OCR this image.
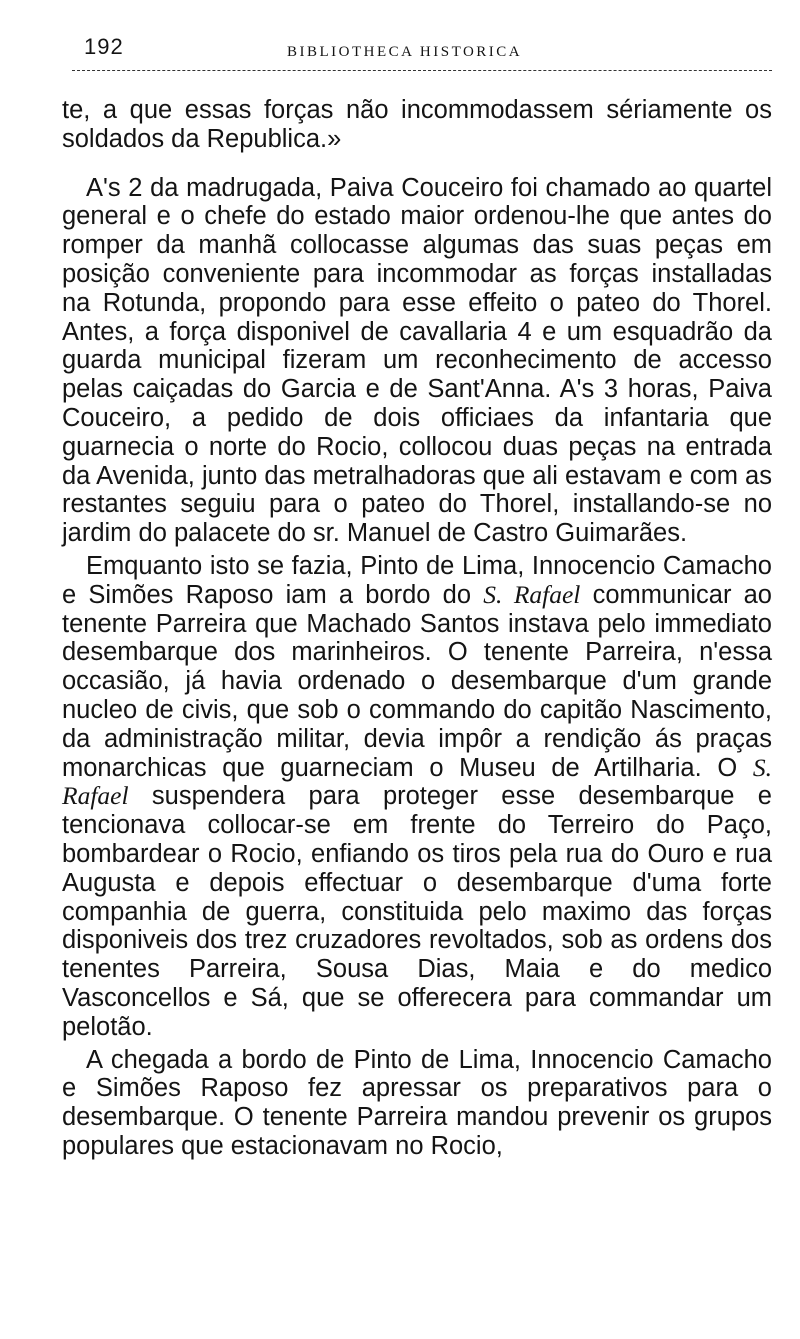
192	BIBLIOTHECA HISTORICA

te, a que essas forças não incommodassem sériamente os soldados da Republica.»

A's 2 da madrugada, Paiva Couceiro foi chamado ao quartel general e o chefe do estado maior ordenou-lhe que antes do romper da manhã collocasse algumas das suas peças em posição conveniente para incommodar as forças installadas na Rotunda, propondo para esse effeito o pateo do Thorel. Antes, a força disponivel de cavallaria 4 e um esquadrão da guarda municipal fizeram um reconhecimento de accesso pelas caiçadas do Garcia e de Sant'Anna. A's 3 horas, Paiva Couceiro, a pedido de dois officiaes da infantaria que guarnecia o norte do Rocio, collocou duas peças na entrada da Avenida, junto das metralhadoras que ali estavam e com as restantes seguiu para o pateo do Thorel, installando-se no jardim do palacete do sr. Manuel de Castro Guimarães.

Emquanto isto se fazia, Pinto de Lima, Innocencio Camacho e Simões Raposo iam a bordo do S. Rafael communicar ao tenente Parreira que Machado Santos instava pelo immediato desembarque dos marinheiros. O tenente Parreira, n'essa occasião, já havia ordenado o desembarque d'um grande nucleo de civis, que sob o commando do capitão Nascimento, da administração militar, devia impôr a rendição ás praças monarchicas que guarneciam o Museu de Artilharia. O S. Rafael suspendera para proteger esse desembarque e tencionava collocar-se em frente do Terreiro do Paço, bombardear o Rocio, enfiando os tiros pela rua do Ouro e rua Augusta e depois effectuar o desembarque d'uma forte companhia de guerra, constituida pelo maximo das forças disponiveis dos trez cruzadores revoltados, sob as ordens dos tenentes Parreira, Sousa Dias, Maia e do medico Vasconcellos e Sá, que se offerecera para commandar um pelotão.

A chegada a bordo de Pinto de Lima, Innocencio Camacho e Simões Raposo fez apressar os preparativos para o desembarque. O tenente Parreira mandou prevenir os grupos populares que estacionavam no Rocio,
